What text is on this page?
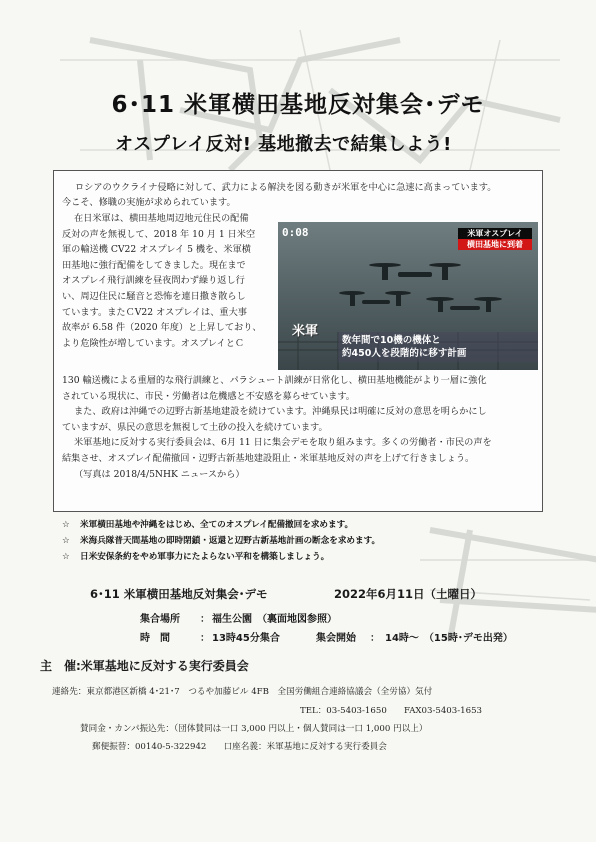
6･11 米軍横田基地反対集会･デモ
オスプレイ反対! 基地撤去で結集しよう!

ロシアのウクライナ侵略に対して、武力による解決を図る動きが米軍を中心に急速に高まっています。

今こそ、修職の実施が求められています。

在日米軍は、横田基地周辺地元住民の配備

反対の声を無視して、2018 年 10 月 1 日米空

軍の輸送機 CV22 オスプレイ 5 機を、米軍横

田基地に強行配備をしてきました。現在まで

オスプレイ飛行訓練を昼夜問わず繰り返し行

い、周辺住民に騒音と恐怖を連日撒き散らし

ています。またＣV22 オスプレイは、重大事

故率が 6.58 件（2020 年度）と上昇しており、

より危険性が増しています。オスプレイとＣ

130 輸送機による重層的な飛行訓練と、パラシュート訓練が日常化し、横田基地機能がより一層に強化

されている現状に、市民・労働者は危機感と不安感を募らせています。

また、政府は沖縄での辺野古新基地建設を続けています。沖縄県民は明確に反対の意思を明らかにし

ていますが、県民の意思を無視して土砂の投入を続けています。

米軍基地に反対する実行委員会は、6月 11 日に集会デモを取り組みます。多くの労働者・市民の声を

結集させ、オスプレイ配備撤回・辺野古新基地建設阻止・米軍基地反対の声を上げて行きましょう。

（写真は 2018/4/5NHK ニュースから）

0:08	米軍オスプレイ
横田基地に到着
米軍
数年間で10機の機体と
約450人を段階的に移す計画
☆ 米軍横田基地や沖縄をはじめ、全てのオスプレイ配備撤回を求めます。
☆ 米海兵隊普天間基地の即時閉鎖・返還と辺野古新基地計画の断念を求めます。
☆ 日米安保条約をやめ軍事力にたよらない平和を構築しましょう。
6･11 米軍横田基地反対集会･デモ	2022年6月11日（土曜日）
集合場所 ： 福生公園　（裏面地図参照）
時　間	： 13時45分集合	集会開始 ：　14時～　（15時･デモ出発）
主　催:米軍基地に反対する実行委員会
連絡先：東京都港区新橋 4･21･7　つるや加藤ビル 4FB　全国労働組合連絡協議会（全労協）気付
TEL：03-5403-1650　　FAX03-5403-1653
賛同金・カンパ振込先：（団体賛同は一口 3,000 円以上・個人賛同は一口 1,000 円以上）
郵便振替：00140-5-322942　　口座名義：米軍基地に反対する実行委員会
